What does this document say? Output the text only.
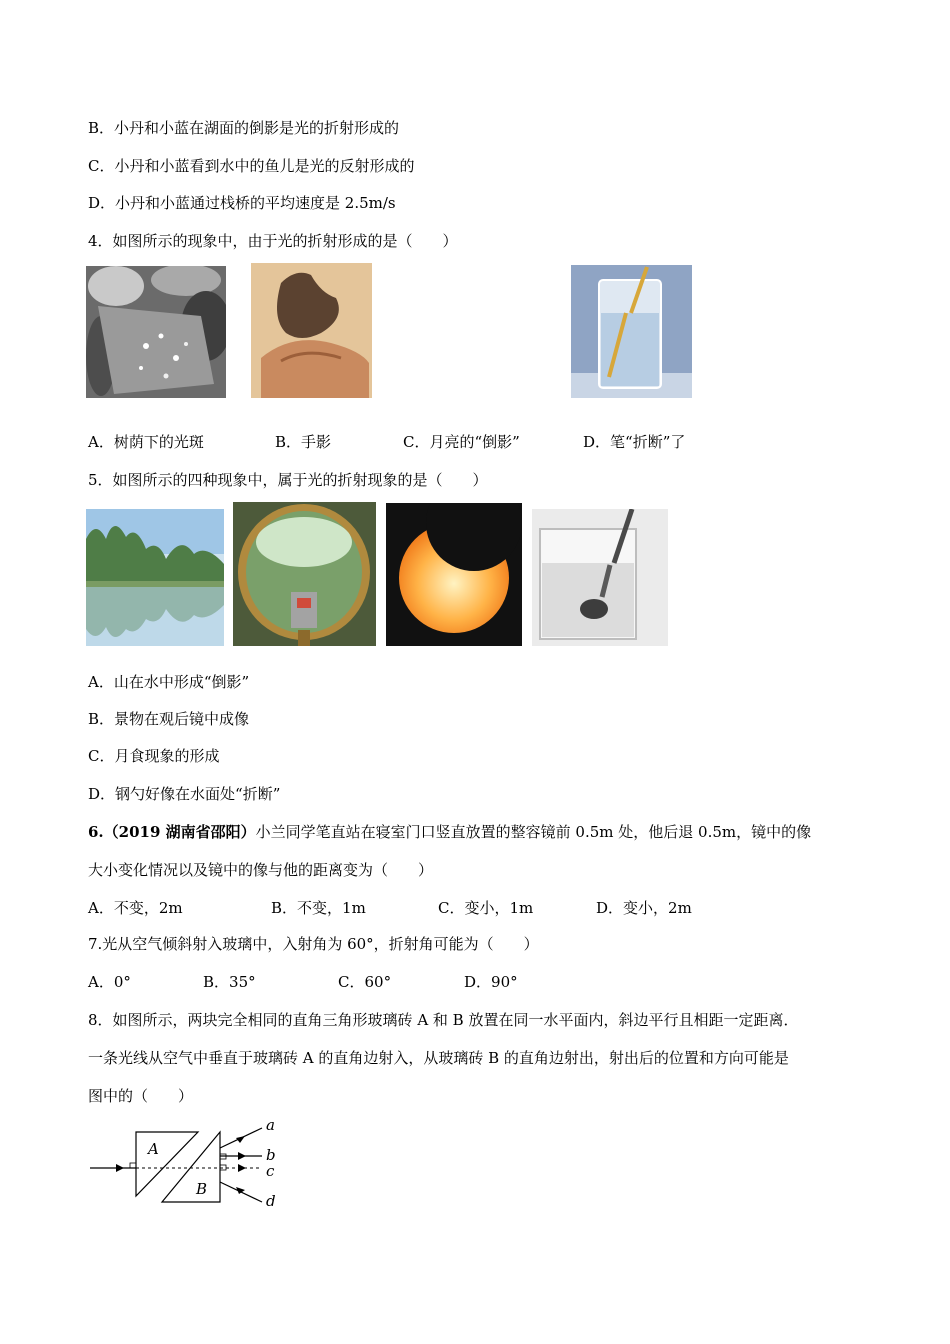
B．小丹和小蓝在湖面的倒影是光的折射形成的
C．小丹和小蓝看到水中的鱼儿是光的反射形成的
D．小丹和小蓝通过栈桥的平均速度是 2.5m/s
4．如图所示的现象中，由于光的折射形成的是（　　）
A．树荫下的光斑	B．手影	C．月亮的“倒影”	D．笔“折断”了
5．如图所示的四种现象中，属于光的折射现象的是（　　）
A．山在水中形成“倒影”
B．景物在观后镜中成像
C．月食现象的形成
D．钢勺好像在水面处“折断”
6.（2019 湖南省邵阳）小兰同学笔直站在寝室门口竖直放置的整容镜前 0.5m 处，他后退 0.5m，镜中的像
大小变化情况以及镜中的像与他的距离变为（　　）
A．不变，2m	B．不变，1m	C．变小，1m	D．变小，2m
7.光从空气倾斜射入玻璃中，入射角为 60°，折射角可能为（　　）
A．0°	B．35°	C．60°	D．90°
8．如图所示，两块完全相同的直角三角形玻璃砖 A 和 B 放置在同一水平面内，斜边平行且相距一定距离．
一条光线从空气中垂直于玻璃砖 A 的直角边射入，从玻璃砖 B 的直角边射出，射出后的位置和方向可能是
图中的（　　）
A
B
a
b
c
d
